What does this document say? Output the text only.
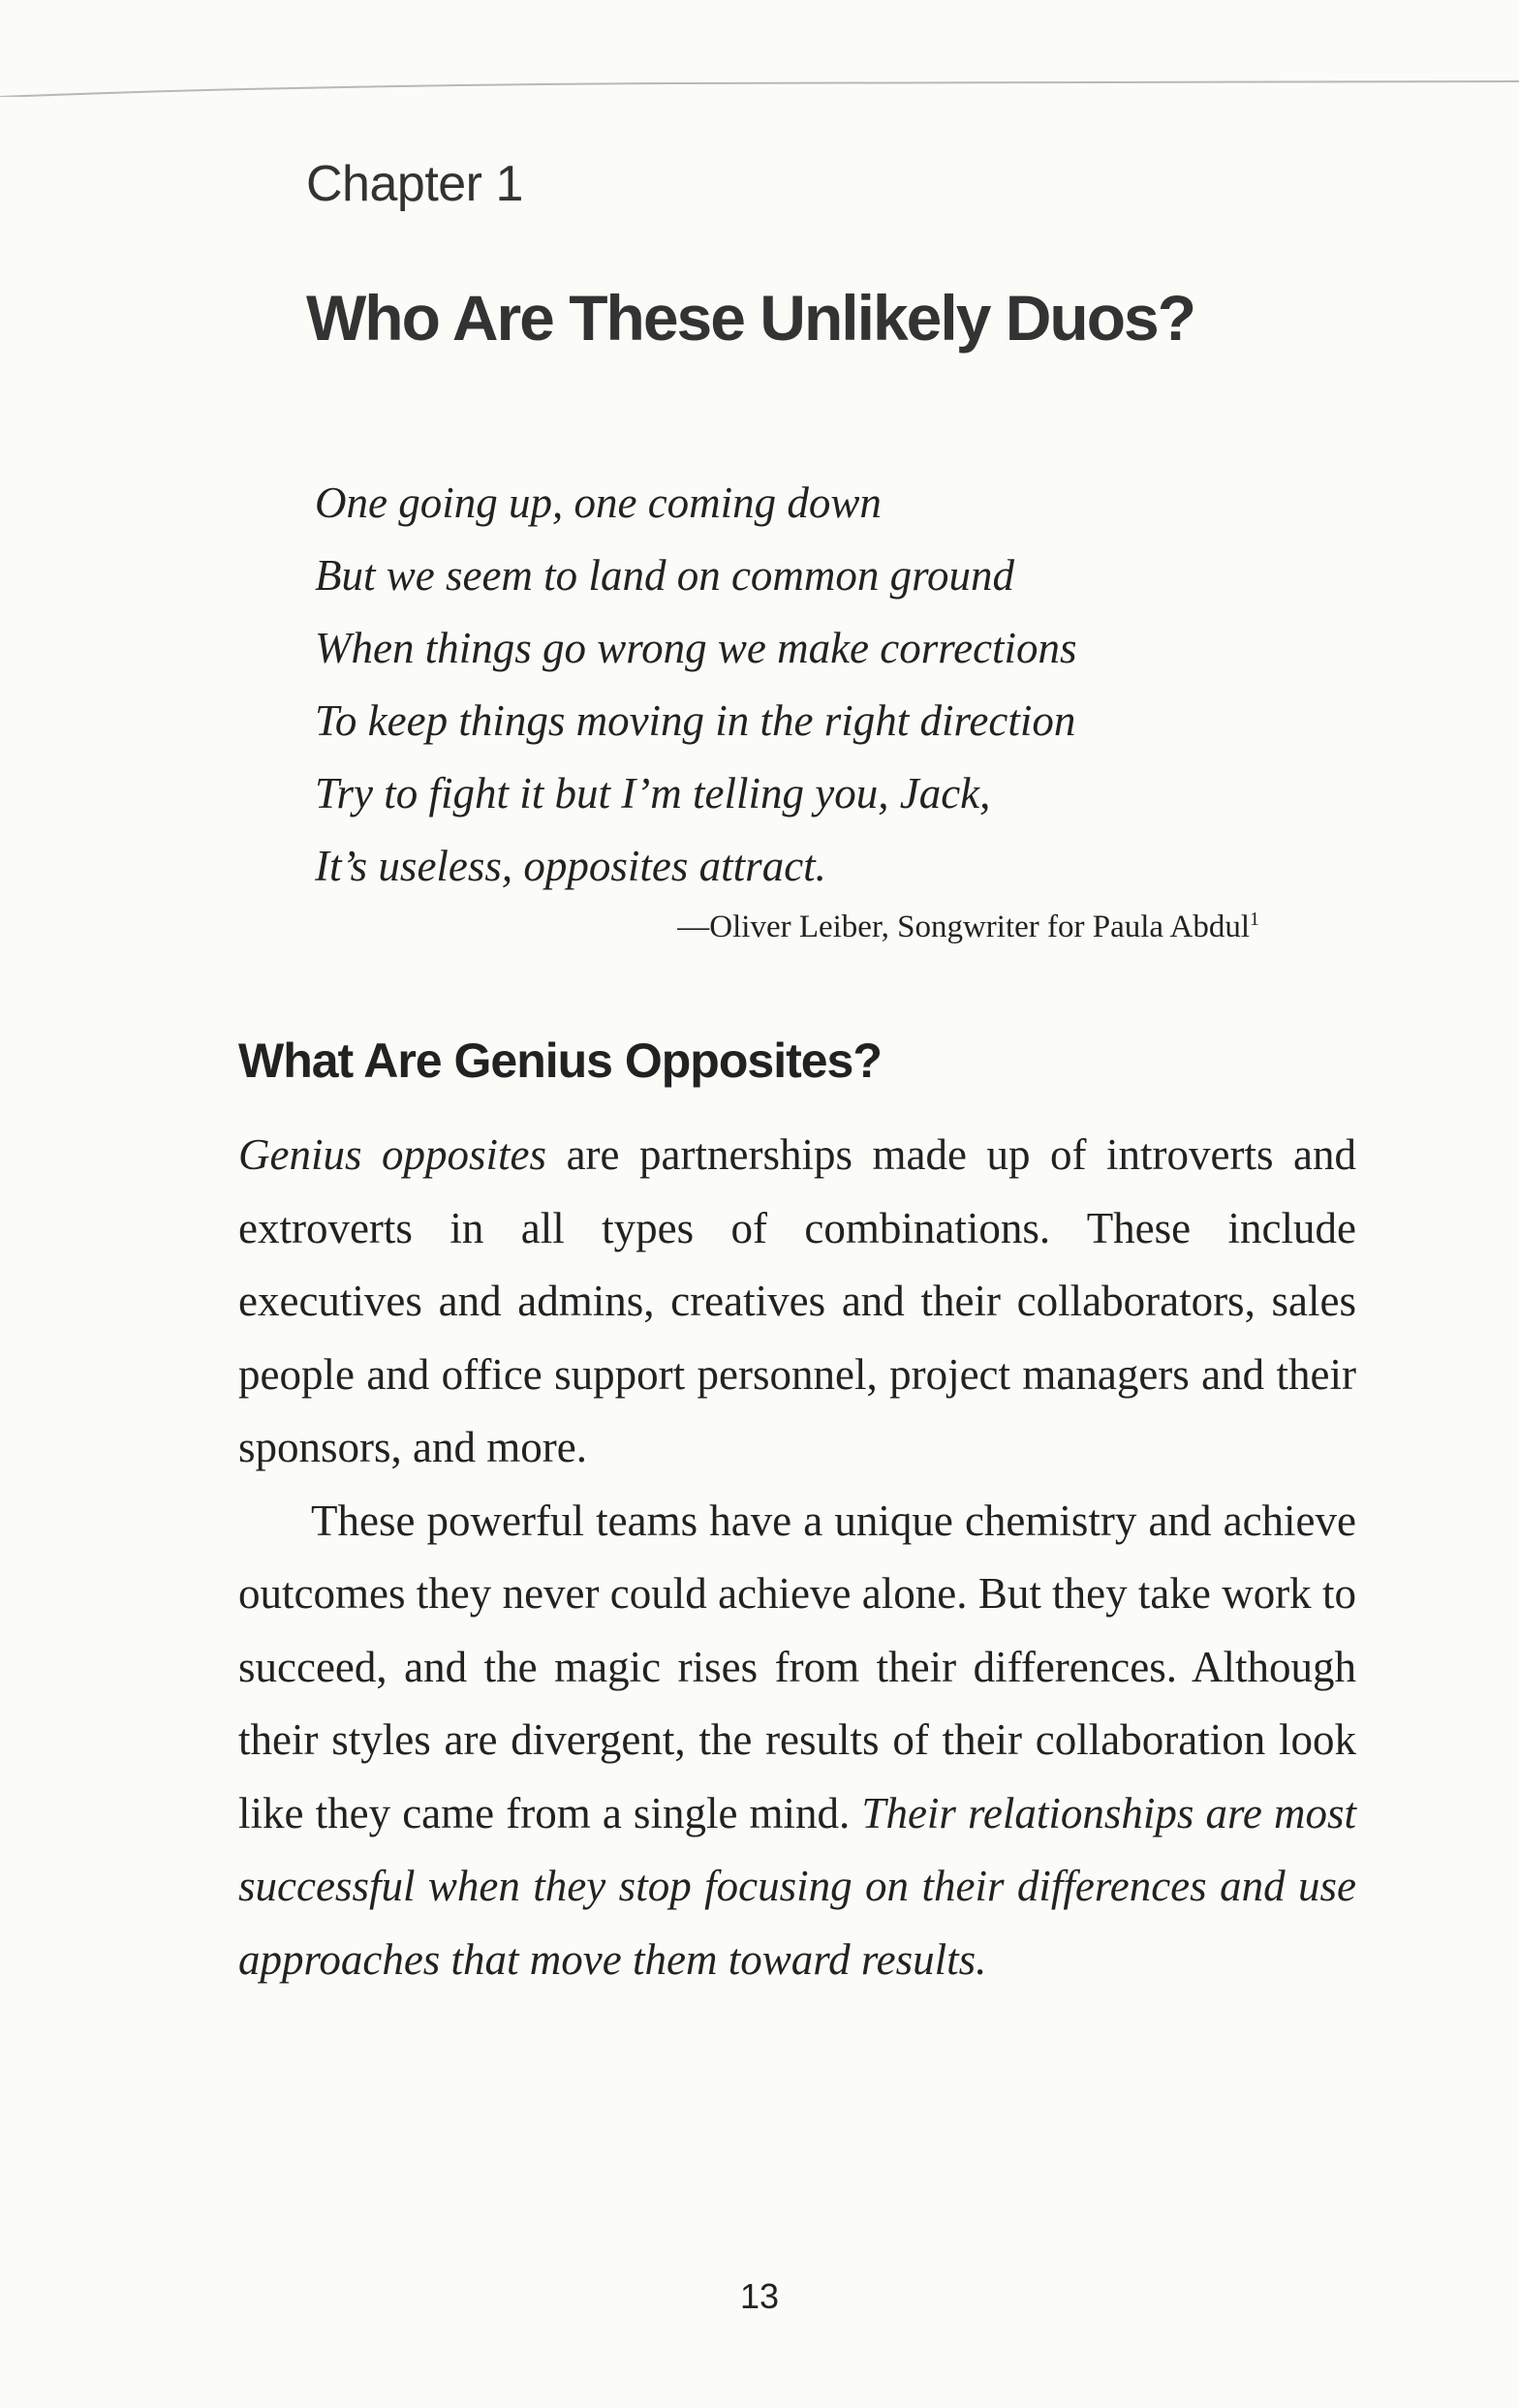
Chapter 1
Who Are These Unlikely Duos?
One going up, one coming down
But we seem to land on common ground
When things go wrong we make corrections
To keep things moving in the right direction
Try to fight it but I’m telling you, Jack,
It’s useless, opposites attract.
—Oliver Leiber, Songwriter for Paula Abdul$^1$
What Are Genius Opposites?

Genius opposites are partnerships made up of introverts and extroverts in all types of combinations. These include executives and admins, creatives and their collaborators, sales people and office support personnel, project managers and their sponsors, and more.

These powerful teams have a unique chemistry and achieve outcomes they never could achieve alone. But they take work to succeed, and the magic rises from their differences. Although their styles are divergent, the results of their collaboration look like they came from a single mind. Their relationships are most successful when they stop focusing on their differences and use approaches that move them toward results.

13
